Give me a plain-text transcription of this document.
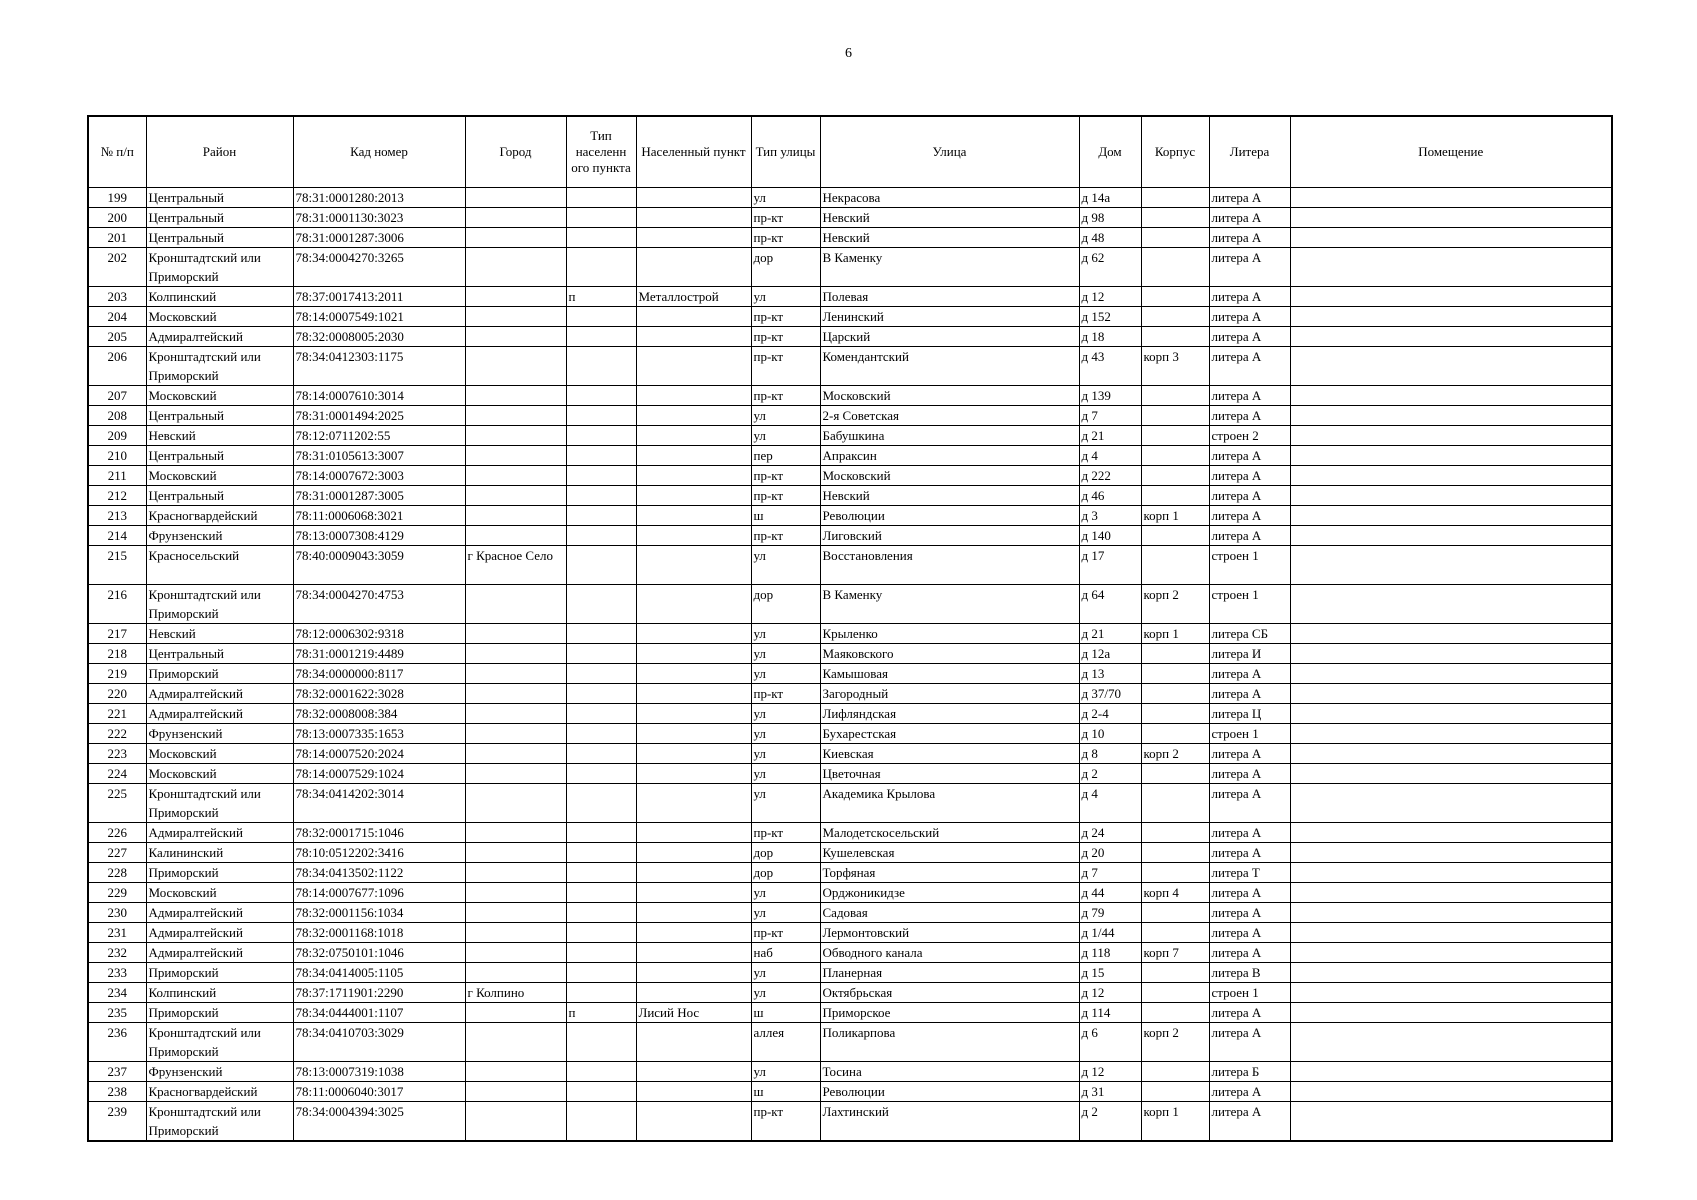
6
№ п/п	Район	Кад номер	Город	Тип населенн ого пункта	Населенный пункт	Тип улицы	Улица	Дом	Корпус	Литера	Помещение
199	Центральный	78:31:0001280:2013				ул	Некрасова	д 14а		литера А	
200	Центральный	78:31:0001130:3023				пр-кт	Невский	д 98		литера А	
201	Центральный	78:31:0001287:3006				пр-кт	Невский	д 48		литера А	
202	Кронштадтский или Приморский	78:34:0004270:3265				дор	В Каменку	д 62		литера А	
203	Колпинский	78:37:0017413:2011		п	Металлострой	ул	Полевая	д 12		литера А	
204	Московский	78:14:0007549:1021				пр-кт	Ленинский	д 152		литера А	
205	Адмиралтейский	78:32:0008005:2030				пр-кт	Царский	д 18		литера А	
206	Кронштадтский или Приморский	78:34:0412303:1175				пр-кт	Комендантский	д 43	корп 3	литера А	
207	Московский	78:14:0007610:3014				пр-кт	Московский	д 139		литера А	
208	Центральный	78:31:0001494:2025				ул	2-я Советская	д 7		литера А	
209	Невский	78:12:0711202:55				ул	Бабушкина	д 21		строен 2	
210	Центральный	78:31:0105613:3007				пер	Апраксин	д 4		литера А	
211	Московский	78:14:0007672:3003				пр-кт	Московский	д 222		литера А	
212	Центральный	78:31:0001287:3005				пр-кт	Невский	д 46		литера А	
213	Красногвардейский	78:11:0006068:3021				ш	Революции	д 3	корп 1	литера А	
214	Фрунзенский	78:13:0007308:4129				пр-кт	Лиговский	д 140		литера А	
215	Красносельский	78:40:0009043:3059	г Красное Село			ул	Восстановления	д 17		строен 1	
216	Кронштадтский или Приморский	78:34:0004270:4753				дор	В Каменку	д 64	корп 2	строен 1	
217	Невский	78:12:0006302:9318				ул	Крыленко	д 21	корп 1	литера СБ	
218	Центральный	78:31:0001219:4489				ул	Маяковского	д 12а		литера И	
219	Приморский	78:34:0000000:8117				ул	Камышовая	д 13		литера А	
220	Адмиралтейский	78:32:0001622:3028				пр-кт	Загородный	д 37/70		литера А	
221	Адмиралтейский	78:32:0008008:384				ул	Лифляндская	д 2-4		литера Ц	
222	Фрунзенский	78:13:0007335:1653				ул	Бухарестская	д 10		строен 1	
223	Московский	78:14:0007520:2024				ул	Киевская	д 8	корп 2	литера А	
224	Московский	78:14:0007529:1024				ул	Цветочная	д 2		литера А	
225	Кронштадтский или Приморский	78:34:0414202:3014				ул	Академика Крылова	д 4		литера А	
226	Адмиралтейский	78:32:0001715:1046				пр-кт	Малодетскосельский	д 24		литера А	
227	Калининский	78:10:0512202:3416				дор	Кушелевская	д 20		литера А	
228	Приморский	78:34:0413502:1122				дор	Торфяная	д 7		литера Т	
229	Московский	78:14:0007677:1096				ул	Орджоникидзе	д 44	корп 4	литера А	
230	Адмиралтейский	78:32:0001156:1034				ул	Садовая	д 79		литера А	
231	Адмиралтейский	78:32:0001168:1018				пр-кт	Лермонтовский	д 1/44		литера А	
232	Адмиралтейский	78:32:0750101:1046				наб	Обводного канала	д 118	корп 7	литера А	
233	Приморский	78:34:0414005:1105				ул	Планерная	д 15		литера В	
234	Колпинский	78:37:1711901:2290	г Колпино			ул	Октябрьская	д 12		строен 1	
235	Приморский	78:34:0444001:1107		п	Лисий Нос	ш	Приморское	д 114		литера А	
236	Кронштадтский или Приморский	78:34:0410703:3029				аллея	Поликарпова	д 6	корп 2	литера А	
237	Фрунзенский	78:13:0007319:1038				ул	Тосина	д 12		литера Б	
238	Красногвардейский	78:11:0006040:3017				ш	Революции	д 31		литера А	
239	Кронштадтский или Приморский	78:34:0004394:3025				пр-кт	Лахтинский	д 2	корп 1	литера А	
